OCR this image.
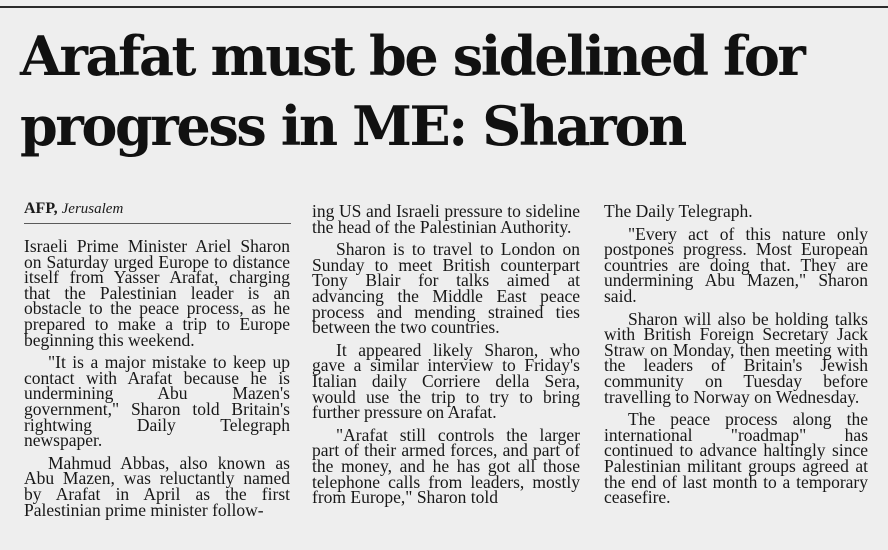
Arafat must be sidelined for
progress in ME: Sharon
AFP, Jerusalem

Israeli Prime Minister Ariel Sharon on Saturday urged Europe to distance itself from Yasser Arafat, charging that the Palestinian leader is an obstacle to the peace process, as he prepared to make a trip to Europe beginning this weekend.

"It is a major mistake to keep up contact with Arafat because he is undermining Abu Mazen's government," Sharon told Britain's rightwing Daily Telegraph newspaper.

Mahmud Abbas, also known as Abu Mazen, was reluctantly named by Arafat in April as the first Palestinian prime minister follow-

ing US and Israeli pressure to sideline the head of the Palestinian Authority.

Sharon is to travel to London on Sunday to meet British counterpart Tony Blair for talks aimed at advancing the Middle East peace process and mending strained ties between the two countries.

It appeared likely Sharon, who gave a similar interview to Friday's Italian daily Corriere della Sera, would use the trip to try to bring further pressure on Arafat.

"Arafat still controls the larger part of their armed forces, and part of the money, and he has got all those telephone calls from leaders, mostly from Europe," Sharon told

The Daily Telegraph.

"Every act of this nature only postpones progress. Most European countries are doing that. They are undermining Abu Mazen," Sharon said.

Sharon will also be holding talks with British Foreign Secretary Jack Straw on Monday, then meeting with the leaders of Britain's Jewish community on Tuesday before travelling to Norway on Wednesday.

The peace process along the international "roadmap" has continued to advance haltingly since Palestinian militant groups agreed at the end of last month to a temporary ceasefire.
